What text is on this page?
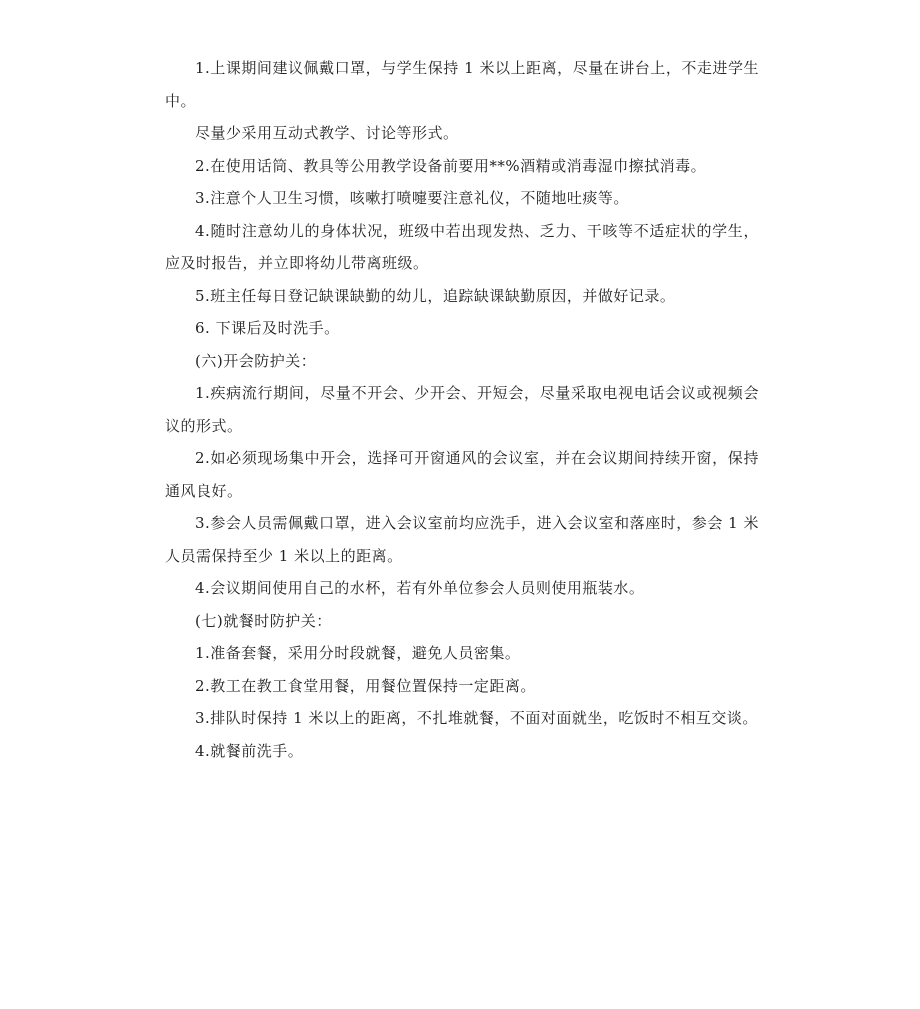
1.上课期间建议佩戴口罩，与学生保持 1 米以上距离，尽量在讲台上，不走进学生中。

尽量少采用互动式教学、讨论等形式。

2.在使用话筒、教具等公用教学设备前要用**%酒精或消毒湿巾擦拭消毒。

3.注意个人卫生习惯，咳嗽打喷嚏要注意礼仪，不随地吐痰等。

4.随时注意幼儿的身体状况，班级中若出现发热、乏力、干咳等不适症状的学生，应及时报告，并立即将幼儿带离班级。

5.班主任每日登记缺课缺勤的幼儿，追踪缺课缺勤原因，并做好记录。

6. 下课后及时洗手。

(六)开会防护关：

1.疾病流行期间，尽量不开会、少开会、开短会，尽量采取电视电话会议或视频会议的形式。

2.如必须现场集中开会，选择可开窗通风的会议室，并在会议期间持续开窗，保持通风良好。

3.参会人员需佩戴口罩，进入会议室前均应洗手，进入会议室和落座时，参会 1 米人员需保持至少 1 米以上的距离。

4.会议期间使用自己的水杯，若有外单位参会人员则使用瓶装水。

(七)就餐时防护关：

1.准备套餐，采用分时段就餐，避免人员密集。

2.教工在教工食堂用餐，用餐位置保持一定距离。

3.排队时保持 1 米以上的距离，不扎堆就餐，不面对面就坐，吃饭时不相互交谈。

4.就餐前洗手。
